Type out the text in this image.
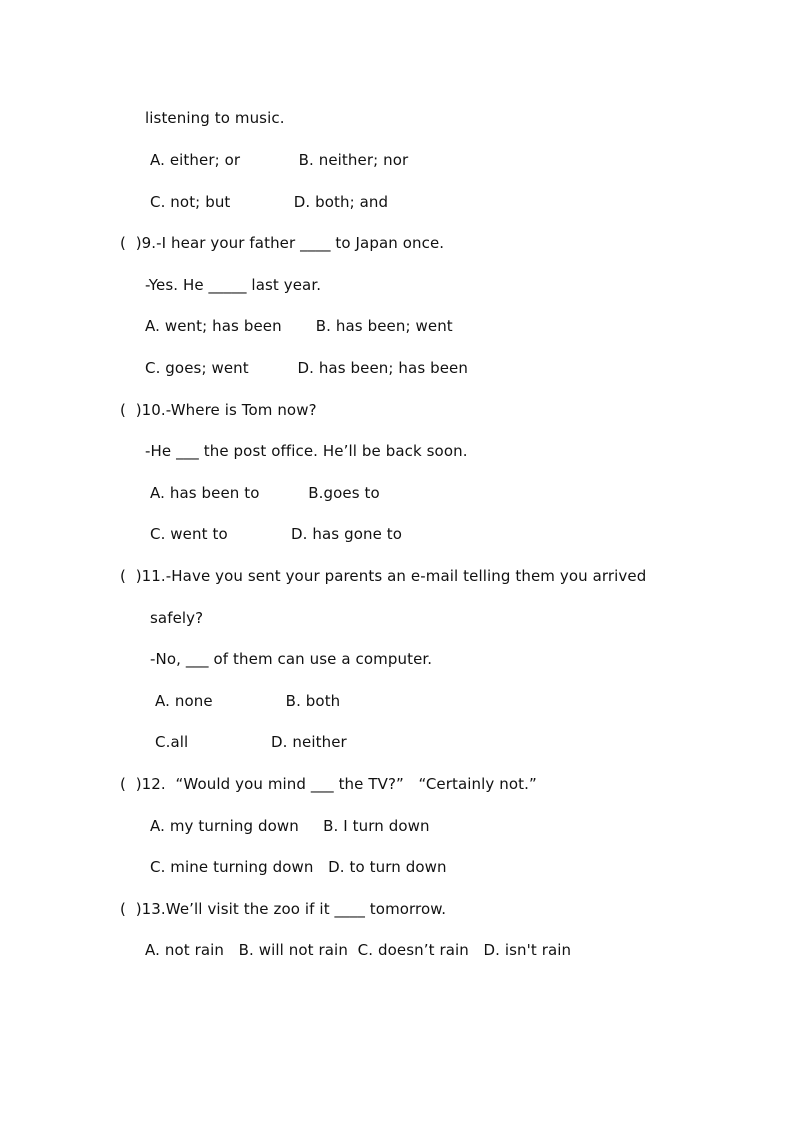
listening to music.
A. either; or            B. neither; nor
C. not; but             D. both; and
(  )9.-I hear your father ____ to Japan once.
-Yes. He _____ last year.
A. went; has been       B. has been; went
C. goes; went          D. has been; has been
(  )10.-Where is Tom now?
-He ___ the post office. He’ll be back soon.
A. has been to          B.goes to
C. went to             D. has gone to
(  )11.-Have you sent your parents an e-mail telling them you arrived
safely?
-No, ___ of them can use a computer.
A. none               B. both
C.all                 D. neither
(  )12.  “Would you mind ___ the TV?”   “Certainly not.”
A. my turning down     B. I turn down
C. mine turning down   D. to turn down
(  )13.We’ll visit the zoo if it ____ tomorrow.
A. not rain   B. will not rain  C. doesn’t rain   D. isn't rain
